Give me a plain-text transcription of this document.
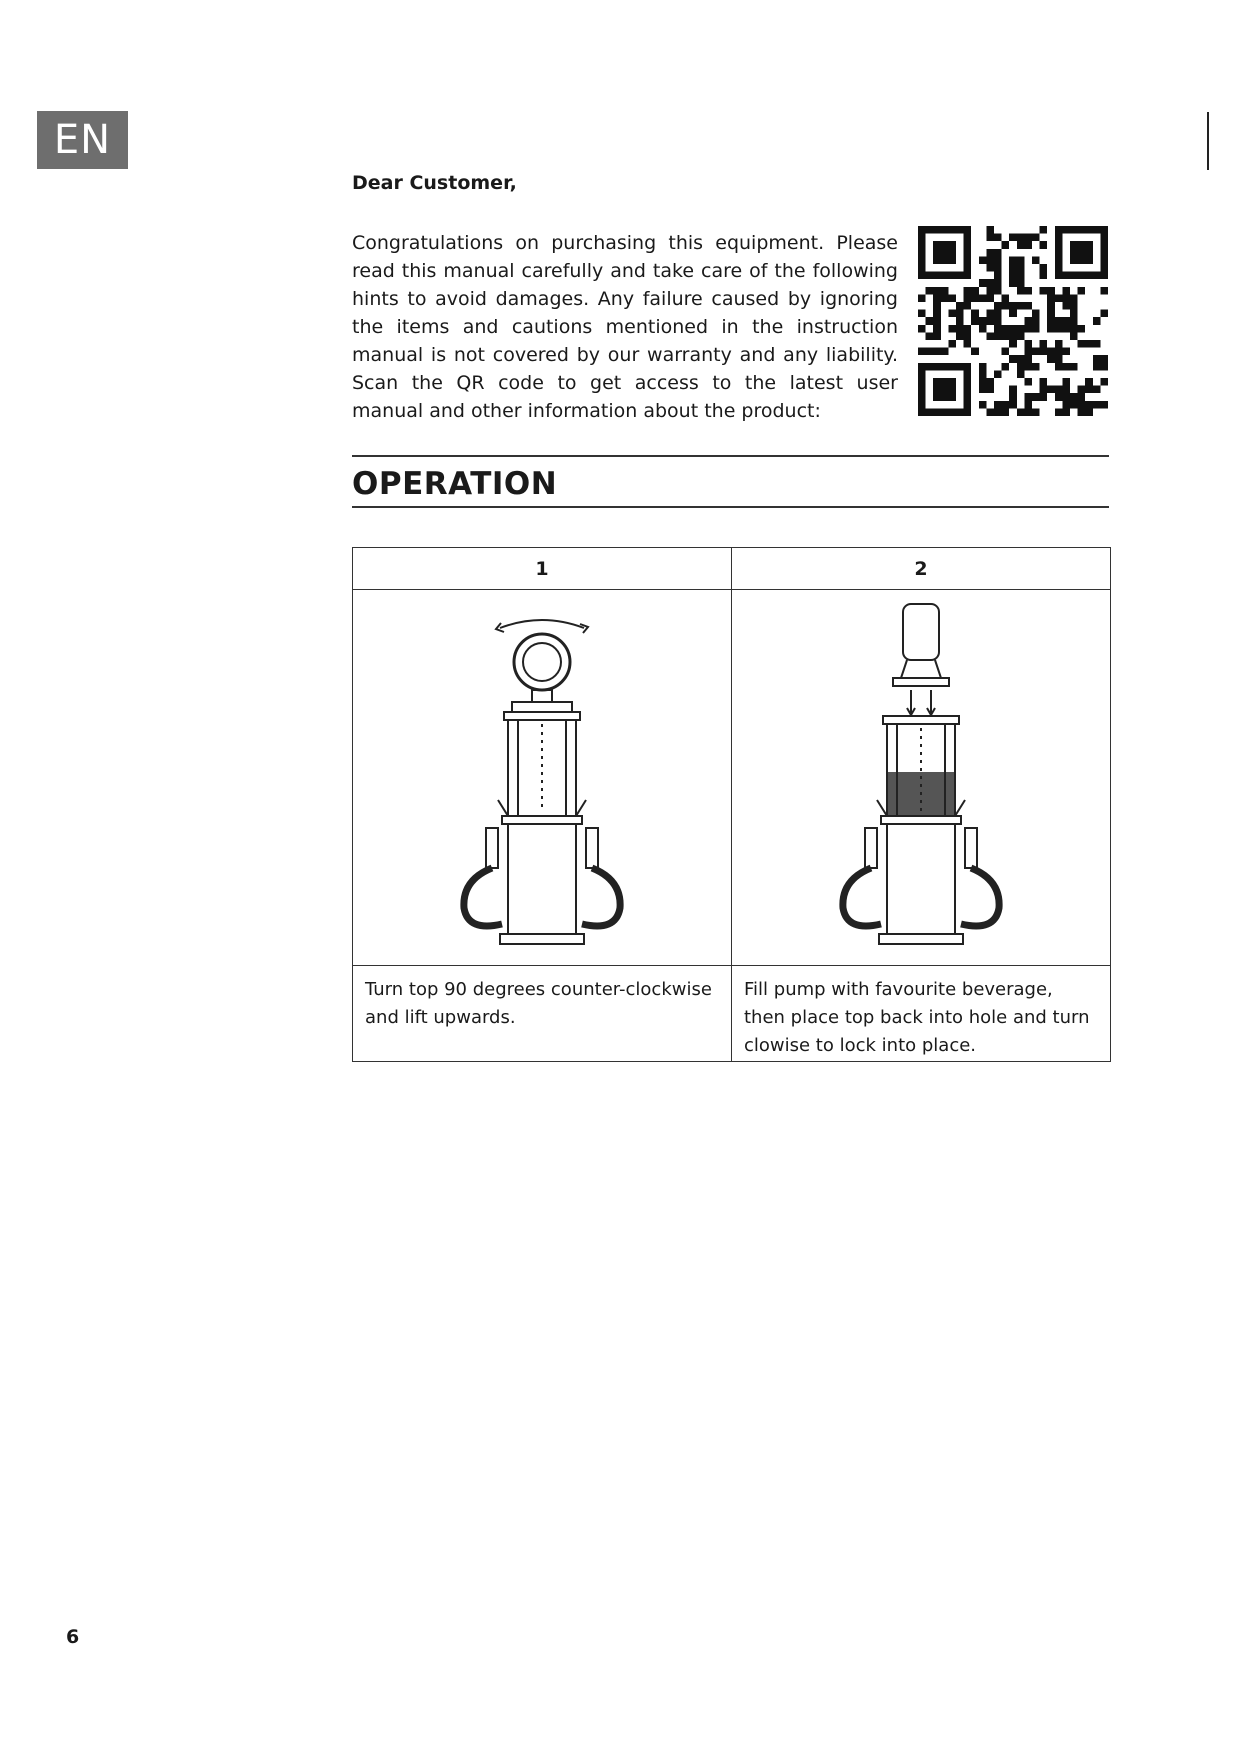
EN
Dear Customer,

Congratulations on purchasing this equipment. Please read this manual carefully and take care of the following hints to avoid damages. Any failure caused by ignoring the items and cautions mentioned in the instruction manual is not covered by our warranty and any liability. Scan the QR code to get access to the latest user manual and other information about the product:

OPERATION
1	2

Turn top 90 degrees counter-clockwise and lift upwards.	Fill pump with favourite beverage, then place top back into hole and turn clowise to lock into place.
6
